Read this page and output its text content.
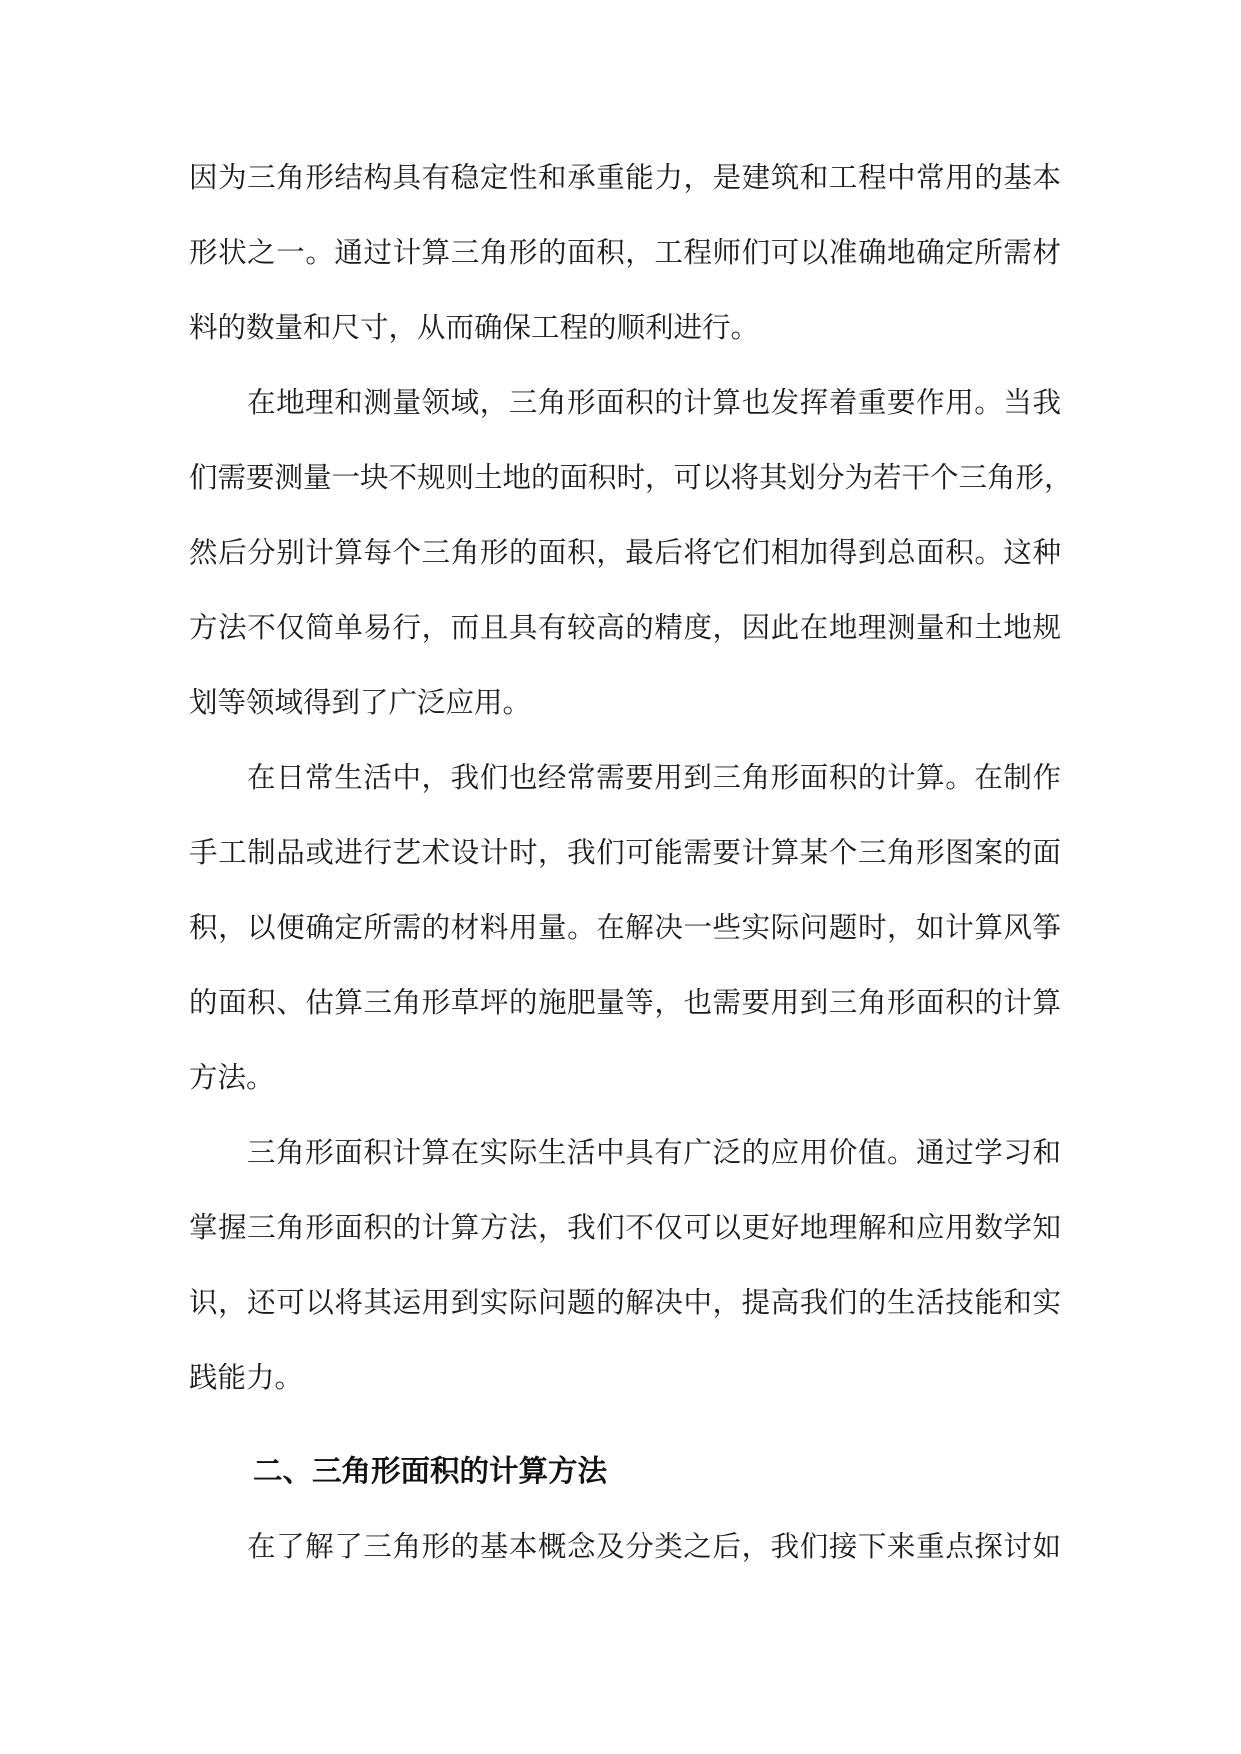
因为三角形结构具有稳定性和承重能力，是建筑和工程中常用的基本
形状之一。通过计算三角形的面积，工程师们可以准确地确定所需材
料的数量和尺寸，从而确保工程的顺利进行。
在地理和测量领域，三角形面积的计算也发挥着重要作用。当我
们需要测量一块不规则土地的面积时，可以将其划分为若干个三角形，
然后分别计算每个三角形的面积，最后将它们相加得到总面积。这种
方法不仅简单易行，而且具有较高的精度，因此在地理测量和土地规
划等领域得到了广泛应用。
在日常生活中，我们也经常需要用到三角形面积的计算。在制作
手工制品或进行艺术设计时，我们可能需要计算某个三角形图案的面
积，以便确定所需的材料用量。在解决一些实际问题时，如计算风筝
的面积、估算三角形草坪的施肥量等，也需要用到三角形面积的计算
方法。
三角形面积计算在实际生活中具有广泛的应用价值。通过学习和
掌握三角形面积的计算方法，我们不仅可以更好地理解和应用数学知
识，还可以将其运用到实际问题的解决中，提高我们的生活技能和实
践能力。
二、三角形面积的计算方法
在了解了三角形的基本概念及分类之后，我们接下来重点探讨如
